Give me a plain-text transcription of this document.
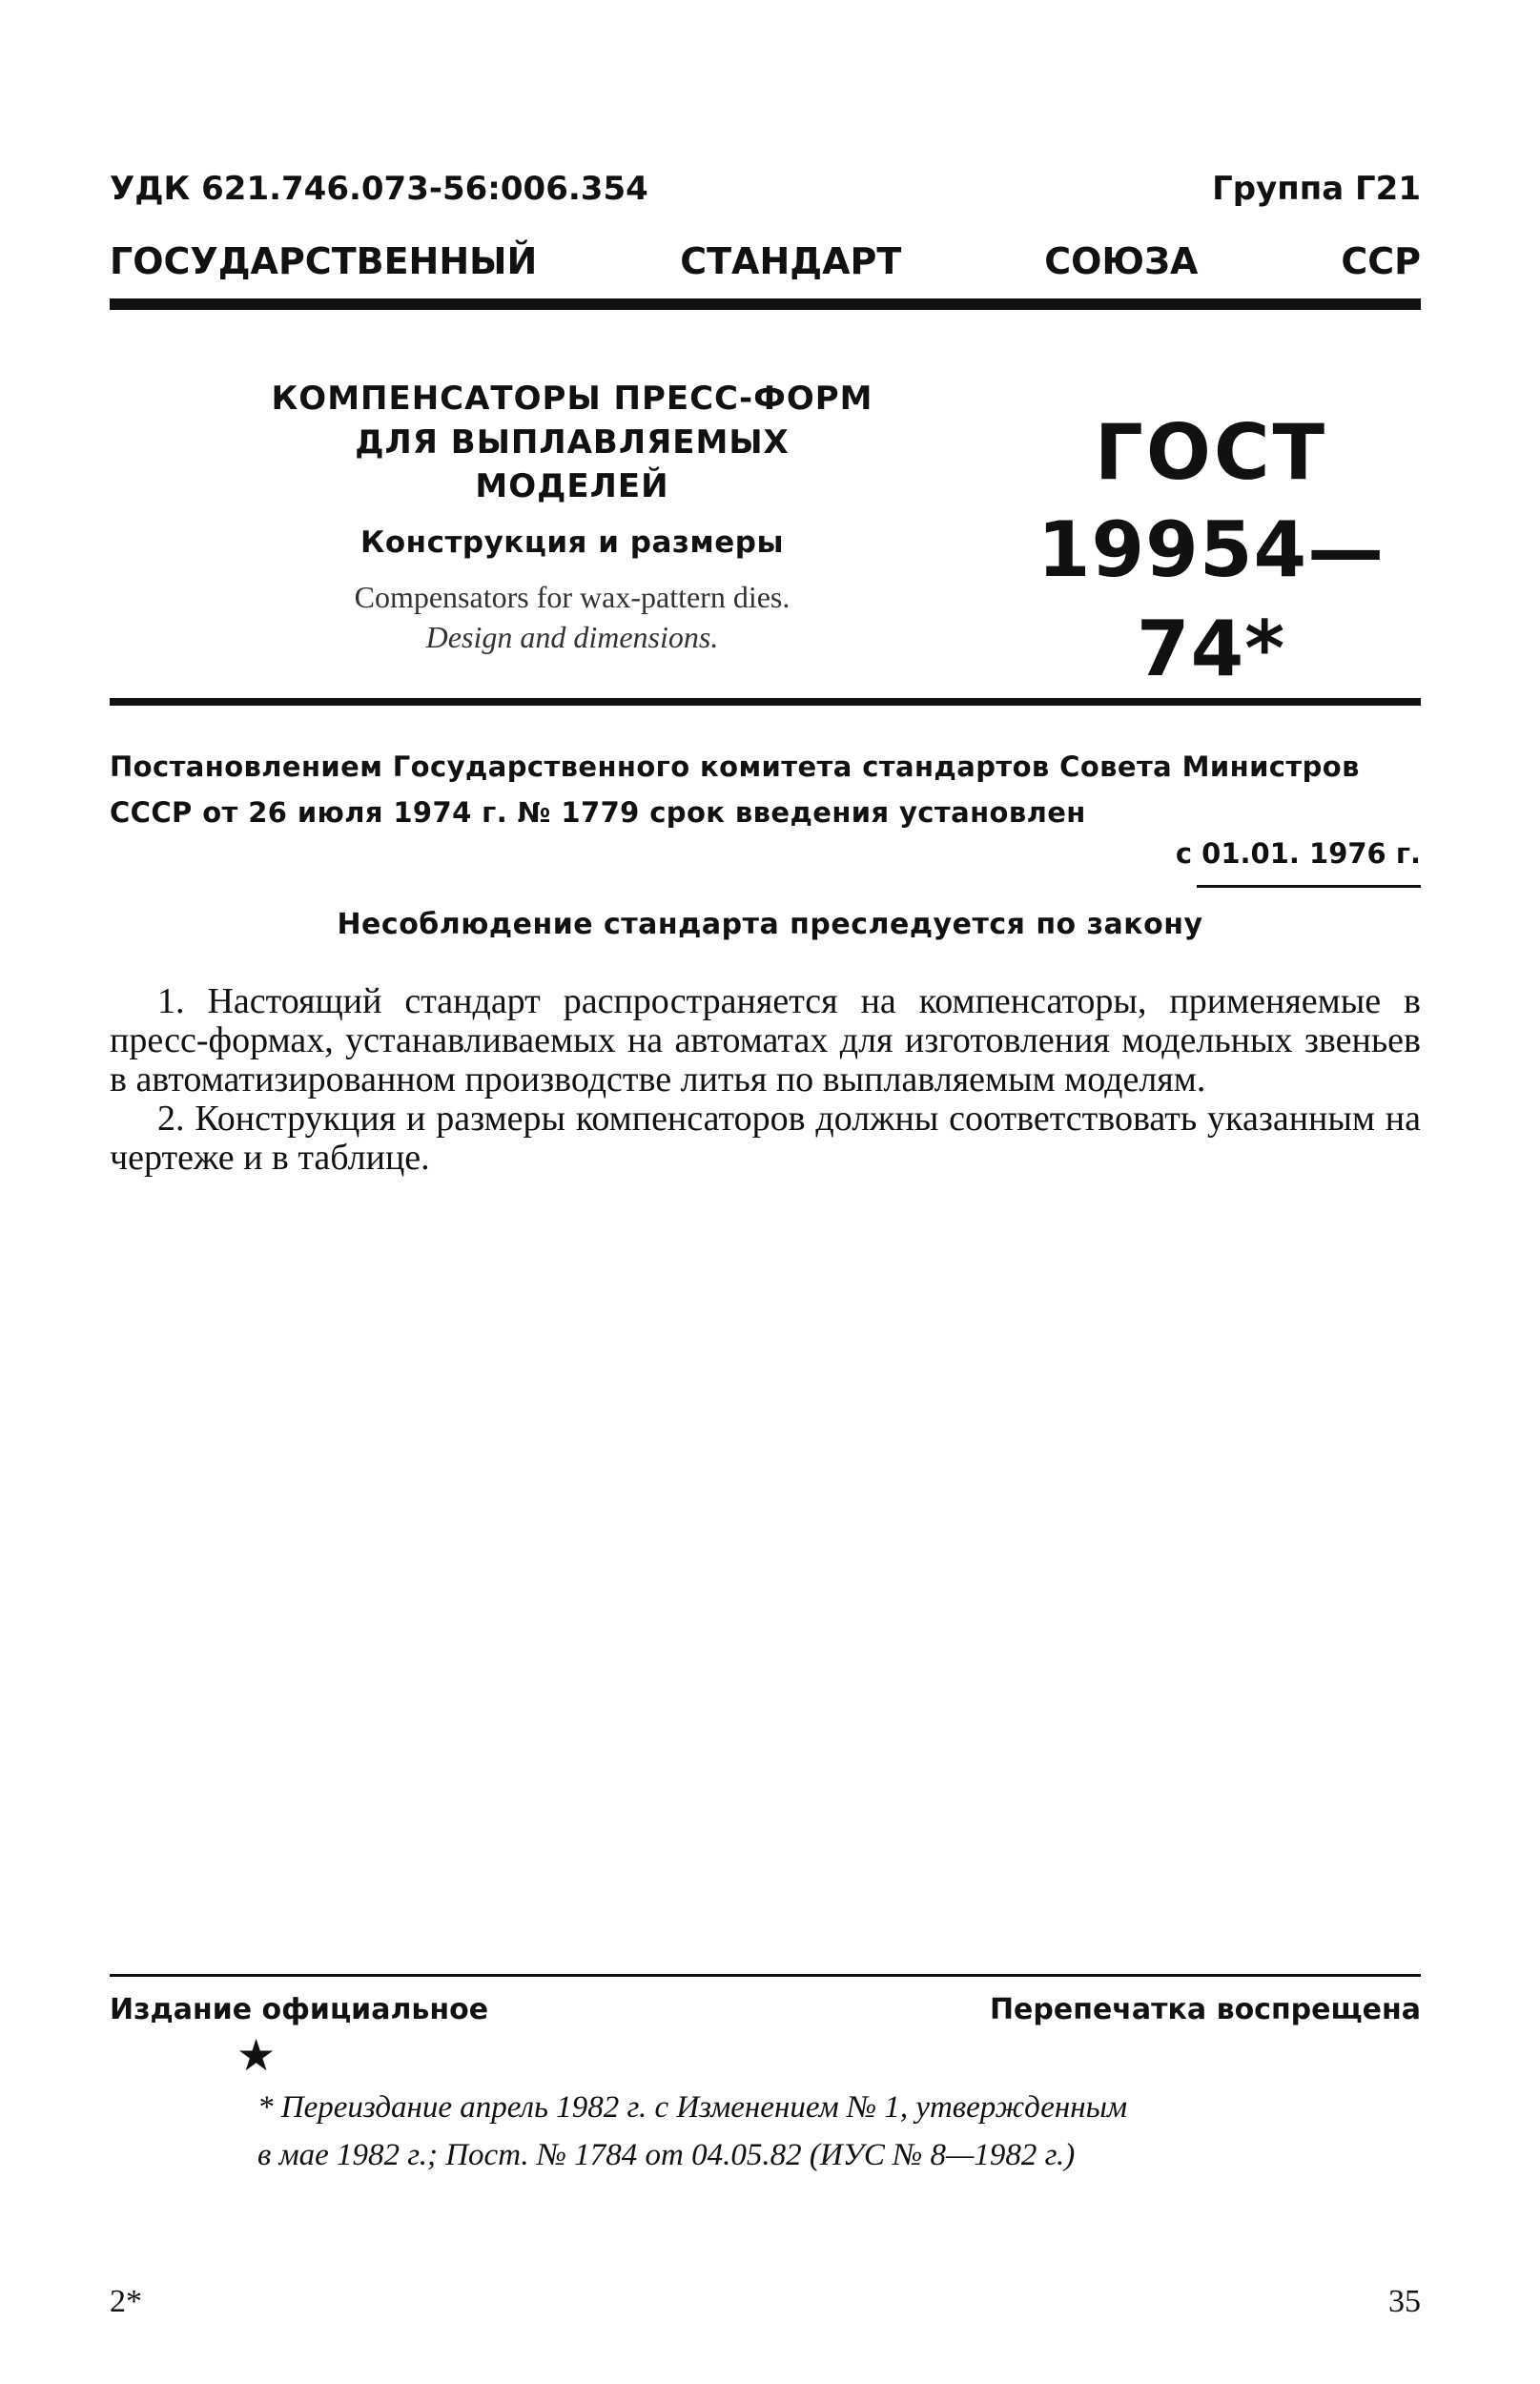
УДК 621.746.073-56:006.354	Группа Г21
ГОСУДАРСТВЕННЫЙ	СТАНДАРТ	СОЮЗА	ССР
КОМПЕНСАТОРЫ ПРЕСС-ФОРМ
ДЛЯ ВЫПЛАВЛЯЕМЫХ МОДЕЛЕЙ
Конструкция и размеры
Compensators for wax-pattern dies.
Design and dimensions.
ГОСТ
19954—74*
Постановлением Государственного комитета стандартов Совета Министров СССР от 26 июля 1974 г. № 1779 срок введения установлен
с 01.01. 1976 г.
Несоблюдение стандарта преследуется по закону

1. Настоящий стандарт распространяется на компенсаторы, применяемые в пресс-формах, устанавливаемых на автоматах для изготовления модельных звеньев в автоматизированном производстве литья по выплавляемым моделям.

2. Конструкция и размеры компенсаторов должны соответствовать указанным на чертеже и в таблице.

Издание официальное	Перепечатка воспрещена
★
* Переиздание апрель 1982 г. с Изменением № 1, утвержденным
в мае 1982 г.; Пост. № 1784 от 04.05.82 (ИУС № 8—1982 г.)
2*	35
